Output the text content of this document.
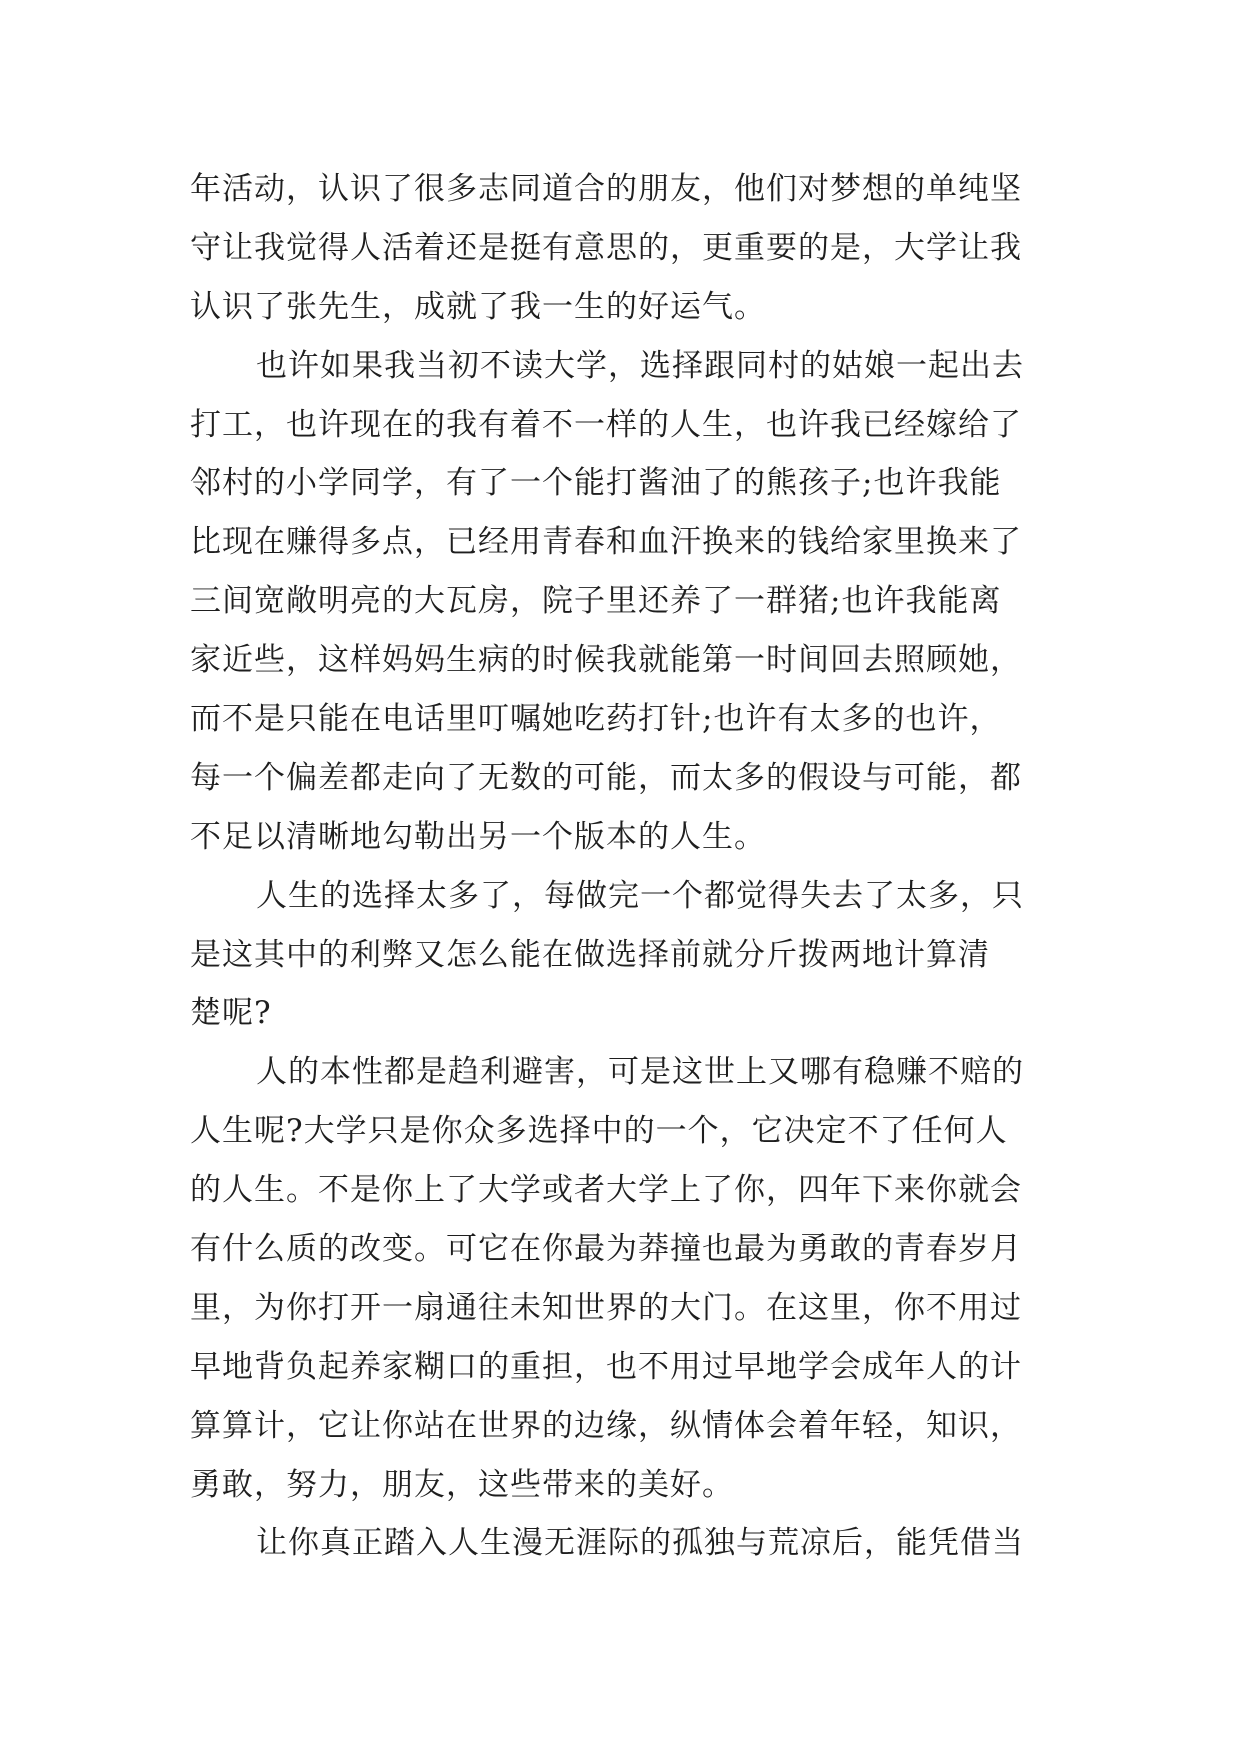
年活动，认识了很多志同道合的朋友，他们对梦想的单纯坚
守让我觉得人活着还是挺有意思的，更重要的是，大学让我
认识了张先生，成就了我一生的好运气。
也许如果我当初不读大学，选择跟同村的姑娘一起出去
打工，也许现在的我有着不一样的人生，也许我已经嫁给了
邻村的小学同学，有了一个能打酱油了的熊孩子;也许我能
比现在赚得多点，已经用青春和血汗换来的钱给家里换来了
三间宽敞明亮的大瓦房，院子里还养了一群猪;也许我能离
家近些，这样妈妈生病的时候我就能第一时间回去照顾她，
而不是只能在电话里叮嘱她吃药打针;也许有太多的也许，
每一个偏差都走向了无数的可能，而太多的假设与可能，都
不足以清晰地勾勒出另一个版本的人生。
人生的选择太多了，每做完一个都觉得失去了太多，只
是这其中的利弊又怎么能在做选择前就分斤拨两地计算清
楚呢?
人的本性都是趋利避害，可是这世上又哪有稳赚不赔的
人生呢?大学只是你众多选择中的一个，它决定不了任何人
的人生。不是你上了大学或者大学上了你，四年下来你就会
有什么质的改变。可它在你最为莽撞也最为勇敢的青春岁月
里，为你打开一扇通往未知世界的大门。在这里，你不用过
早地背负起养家糊口的重担，也不用过早地学会成年人的计
算算计，它让你站在世界的边缘，纵情体会着年轻，知识，
勇敢，努力，朋友，这些带来的美好。
让你真正踏入人生漫无涯际的孤独与荒凉后，能凭借当
